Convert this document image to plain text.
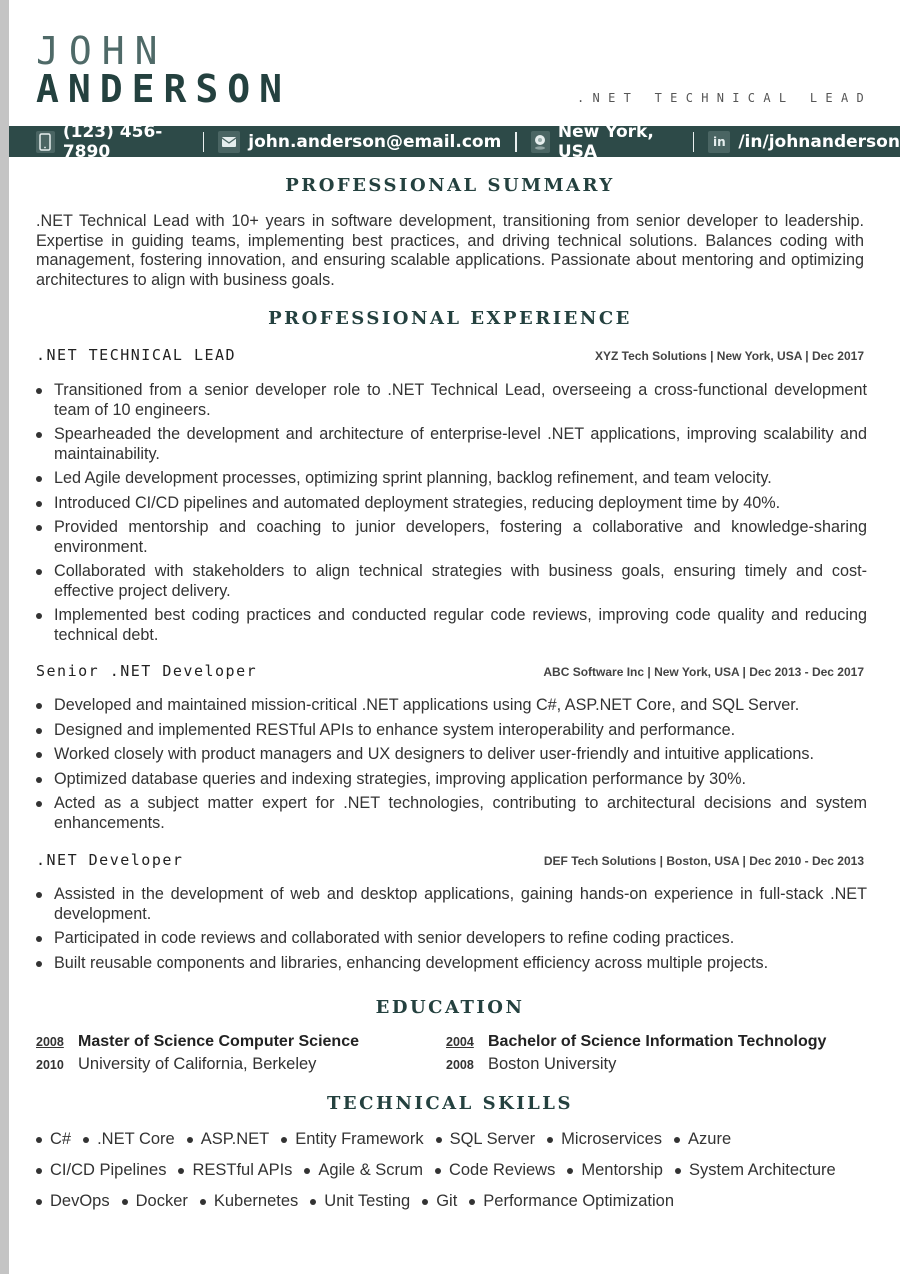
JOHN
ANDERSON	.NET TECHNICAL LEAD
(123) 456-7890	john.anderson@email.com	New York, USA	in /in/johnanderson
PROFESSIONAL SUMMARY

.NET Technical Lead with 10+ years in software development, transitioning from senior developer to leadership. Expertise in guiding teams, implementing best practices, and driving technical solutions. Balances coding with management, fostering innovation, and ensuring scalable applications. Passionate about mentoring and optimizing architectures to align with business goals.

PROFESSIONAL EXPERIENCE
.NET TECHNICAL LEAD	XYZ Tech Solutions | New York, USA | Dec 2017
Transitioned from a senior developer role to .NET Technical Lead, overseeing a cross-functional development team of 10 engineers.
Spearheaded the development and architecture of enterprise-level .NET applications, improving scalability and maintainability.
Led Agile development processes, optimizing sprint planning, backlog refinement, and team velocity.
Introduced CI/CD pipelines and automated deployment strategies, reducing deployment time by 40%.
Provided mentorship and coaching to junior developers, fostering a collaborative and knowledge-sharing environment.
Collaborated with stakeholders to align technical strategies with business goals, ensuring timely and cost-effective project delivery.
Implemented best coding practices and conducted regular code reviews, improving code quality and reducing technical debt.
Senior .NET Developer	ABC Software Inc | New York, USA | Dec 2013 - Dec 2017
Developed and maintained mission-critical .NET applications using C#, ASP.NET Core, and SQL Server.
Designed and implemented RESTful APIs to enhance system interoperability and performance.
Worked closely with product managers and UX designers to deliver user-friendly and intuitive applications.
Optimized database queries and indexing strategies, improving application performance by 30%.
Acted as a subject matter expert for .NET technologies, contributing to architectural decisions and system enhancements.
.NET Developer	DEF Tech Solutions | Boston, USA | Dec 2010 - Dec 2013
Assisted in the development of web and desktop applications, gaining hands-on experience in full-stack .NET development.
Participated in code reviews and collaborated with senior developers to refine coding practices.
Built reusable components and libraries, enhancing development efficiency across multiple projects.
EDUCATION
2008 Master of Science Computer Science
2010 University of California, Berkeley
2004 Bachelor of Science Information Technology
2008 Boston University
TECHNICAL SKILLS
C# .NET Core ASP.NET Entity Framework SQL Server Microservices Azure
CI/CD Pipelines RESTful APIs Agile & Scrum Code Reviews Mentorship System Architecture
DevOps Docker Kubernetes Unit Testing Git Performance Optimization
